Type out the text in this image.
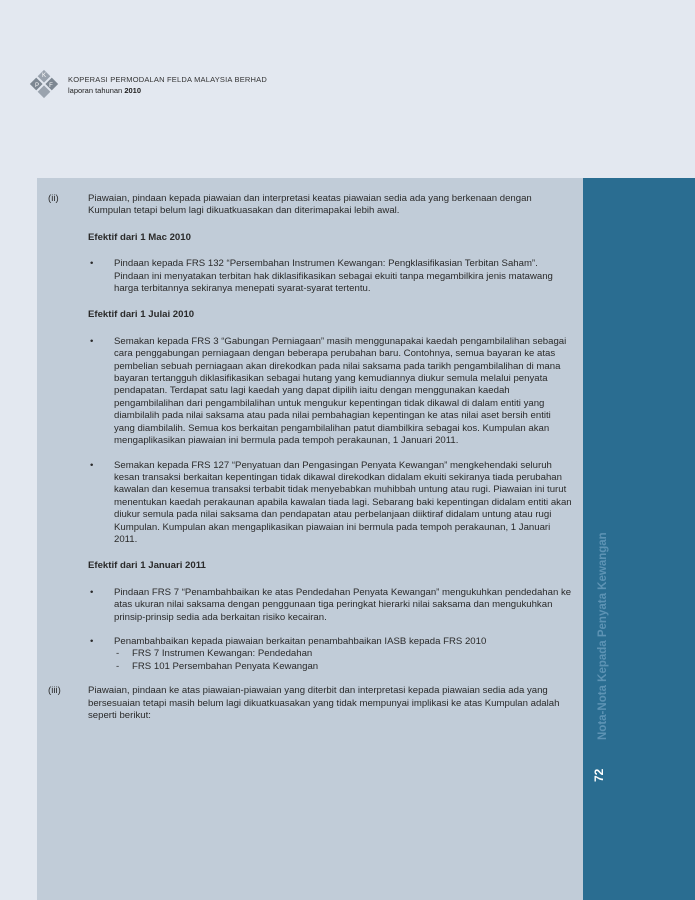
K
P F
KOPERASI PERMODALAN FELDA MALAYSIA BERHAD
laporan tahunan 2010
Nota-Nota Kepada Penyata Kewangan
72
(ii)	Piawaian, pindaan kepada piawaian dan interpretasi keatas piawaian sedia ada yang berkenaan dengan Kumpulan tetapi belum lagi dikuatkuasakan dan diterimapakai lebih awal.

Efektif dari 1 Mac 2010

•	Pindaan kepada FRS 132 “Persembahan Instrumen Kewangan: Pengklasifikasian Terbitan Saham”. Pindaan ini menyatakan terbitan hak diklasifikasikan sebagai ekuiti tanpa megambilkira jenis matawang harga terbitannya sekiranya menepati syarat-syarat tertentu.

Efektif dari 1 Julai 2010

•	Semakan kepada FRS 3 “Gabungan Perniagaan” masih menggunapakai kaedah pengambilalihan sebagai cara penggabungan perniagaan dengan beberapa perubahan baru. Contohnya, semua bayaran ke atas pembelian sebuah perniagaan akan direkodkan pada nilai saksama pada tarikh pengambilalihan di mana bayaran tertangguh diklasifikasikan sebagai hutang yang kemudiannya diukur semula melalui penyata pendapatan. Terdapat satu lagi kaedah yang dapat dipilih iaitu dengan menggunakan kaedah pengambilalihan dari pengambilalihan untuk mengukur kepentingan tidak dikawal di dalam entiti yang diambilalih pada nilai saksama atau pada nilai pembahagian kepentingan ke atas nilai aset bersih entiti yang diambilalih. Semua kos berkaitan pengambilalihan patut diambilkira sebagai kos. Kumpulan akan mengaplikasikan piawaian ini bermula pada tempoh perakaunan, 1 Januari 2011.
•	Semakan kepada FRS 127 “Penyatuan dan Pengasingan Penyata Kewangan” mengkehendaki seluruh kesan transaksi berkaitan kepentingan tidak dikawal direkodkan didalam ekuiti sekiranya tiada perubahan kawalan dan kesemua transaksi terbabit tidak menyebabkan muhibbah untung atau rugi. Piawaian ini turut menentukan kaedah perakaunan apabila kawalan tiada lagi. Sebarang baki kepentingan didalam entiti akan diukur semula pada nilai saksama dan pendapatan atau perbelanjaan diiktiraf didalam untung atau rugi Kumpulan. Kumpulan akan mengaplikasikan piawaian ini bermula pada tempoh perakaunan, 1 Januari 2011.

Efektif dari 1 Januari 2011

•	Pindaan FRS 7 “Penambahbaikan ke atas Pendedahan Penyata Kewangan” mengukuhkan pendedahan ke atas ukuran nilai saksama dengan penggunaan tiga peringkat hierarki nilai saksama dan mengukuhkan prinsip-prinsip sedia ada berkaitan risiko kecairan.
•	Penambahbaikan kepada piawaian berkaitan penambahbaikan IASB kepada FRS 2010
-	FRS 7 Instrumen Kewangan: Pendedahan
-	FRS 101 Persembahan Penyata Kewangan
(iii)	Piawaian, pindaan ke atas piawaian-piawaian yang diterbit dan interpretasi kepada piawaian sedia ada yang bersesuaian tetapi masih belum lagi dikuatkuasakan yang tidak mempunyai implikasi ke atas Kumpulan adalah seperti berikut:
